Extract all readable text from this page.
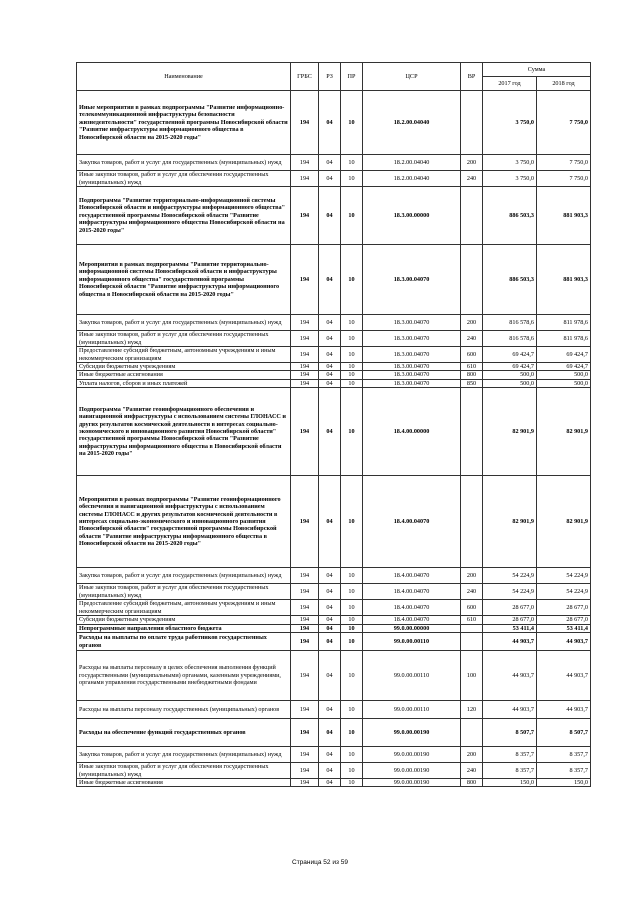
Наименование	ГРБС	РЗ	ПР	ЦСР	ВР	Сумма	
						2017 год	2018 год
Иные мероприятия в рамках подпрограммы "Развитие информационно-телекоммуникационной инфраструктуры безопасности жизнедеятельности" государственной программы Новосибирской области "Развитие инфраструктуры информационного общества в Новосибирской области на 2015-2020 годы"	194	04	10	18.2.00.04040		3 750,0	7 750,0
Закупка товаров, работ и услуг для государственных (муниципальных) нужд	194	04	10	18.2.00.04040	200	3 750,0	7 750,0
Иные закупки товаров, работ и услуг для обеспечения государственных (муниципальных) нужд	194	04	10	18.2.00.04040	240	3 750,0	7 750,0
Подпрограмма "Развитие территориально-информационной системы Новосибирской области и инфраструктуры информационного общества" государственной программы Новосибирской области "Развитие инфраструктуры информационного общества Новосибирской области на 2015-2020 годы"	194	04	10	18.3.00.00000		886 503,3	881 903,3
Мероприятия в рамках подпрограммы "Развитие территориально-информационной системы Новосибирской области и инфраструктуры информационного общества" государственной программы Новосибирской области "Развитие инфраструктуры информационного общества в Новосибирской области на 2015-2020 годы"	194	04	10	18.3.00.04070		886 503,3	881 903,3
Закупка товаров, работ и услуг для государственных (муниципальных) нужд	194	04	10	18.3.00.04070	200	816 578,6	811 978,6
Иные закупки товаров, работ и услуг для обеспечения государственных (муниципальных) нужд	194	04	10	18.3.00.04070	240	816 578,6	811 978,6
Предоставление субсидий бюджетным, автономным учреждениям и иным некоммерческим организациям	194	04	10	18.3.00.04070	600	69 424,7	69 424,7
Субсидии бюджетным учреждениям	194	04	10	18.3.00.04070	610	69 424,7	69 424,7
Иные бюджетные ассигнования	194	04	10	18.3.00.04070	800	500,0	500,0
Уплата налогов, сборов и иных платежей	194	04	10	18.3.00.04070	850	500,0	500,0
Подпрограмма "Развитие геоинформационного обеспечения и навигационной инфраструктуры с использованием системы ГЛОНАСС и других результатов космической деятельности в интересах социально-экономического и инновационного развития Новосибирской области" государственной программы Новосибирской области "Развитие инфраструктуры информационного общества в Новосибирской области на 2015-2020 годы"	194	04	10	18.4.00.00000		82 901,9	82 901,9
Мероприятия в рамках подпрограммы "Развитие геоинформационного обеспечения и навигационной инфраструктуры с использованием системы ГЛОНАСС и других результатов космической деятельности в интересах социально-экономического и инновационного развития Новосибирской области" государственной программы Новосибирской области "Развитие инфраструктуры информационного общества в Новосибирской области на 2015-2020 годы"	194	04	10	18.4.00.04070		82 901,9	82 901,9
Закупка товаров, работ и услуг для государственных (муниципальных) нужд	194	04	10	18.4.00.04070	200	54 224,9	54 224,9
Иные закупки товаров, работ и услуг для обеспечения государственных (муниципальных) нужд	194	04	10	18.4.00.04070	240	54 224,9	54 224,9
Предоставление субсидий бюджетным, автономным учреждениям и иным некоммерческим организациям	194	04	10	18.4.00.04070	600	28 677,0	28 677,0
Субсидии бюджетным учреждениям	194	04	10	18.4.00.04070	610	28 677,0	28 677,0
Непрограммные направления областного бюджета	194	04	10	99.0.00.00000		53 411,4	53 411,4
Расходы на выплаты по оплате труда работников государственных органов	194	04	10	99.0.00.00110		44 903,7	44 903,7
Расходы на выплаты персоналу в целях обеспечения выполнения функций государственными (муниципальными) органами, казенными учреждениями, органами управления государственными внебюджетными фондами	194	04	10	99.0.00.00110	100	44 903,7	44 903,7
Расходы на выплаты персоналу государственных (муниципальных) органов	194	04	10	99.0.00.00110	120	44 903,7	44 903,7
Расходы на обеспечение функций государственных органов	194	04	10	99.0.00.00190		8 507,7	8 507,7
Закупка товаров, работ и услуг для государственных (муниципальных) нужд	194	04	10	99.0.00.00190	200	8 357,7	8 357,7
Иные закупки товаров, работ и услуг для обеспечения государственных (муниципальных) нужд	194	04	10	99.0.00.00190	240	8 357,7	8 357,7
Иные бюджетные ассигнования	194	04	10	99.0.00.00190	800	150,0	150,0
Страница 52 из 59
